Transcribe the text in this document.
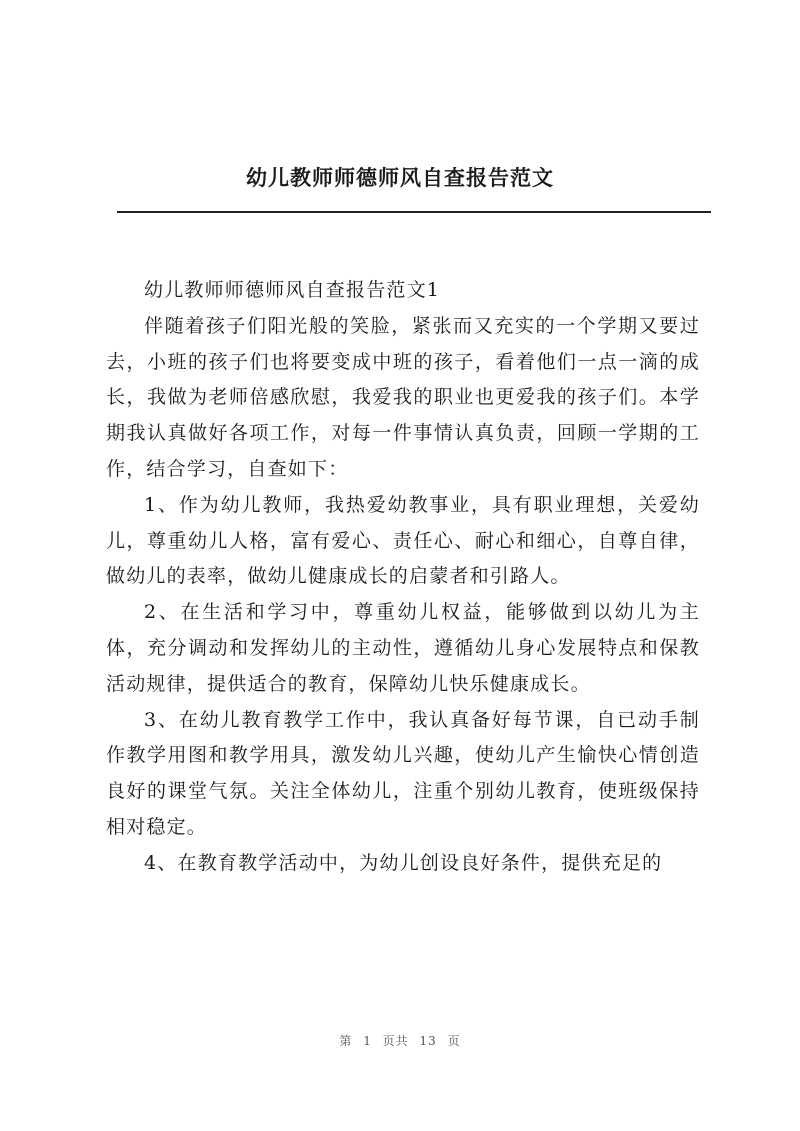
幼儿教师师德师风自查报告范文

幼儿教师师德师风自查报告范文1

伴随着孩子们阳光般的笑脸，紧张而又充实的一个学期又要过去，小班的孩子们也将要变成中班的孩子，看着他们一点一滴的成长，我做为老师倍感欣慰，我爱我的职业也更爱我的孩子们。本学期我认真做好各项工作，对每一件事情认真负责，回顾一学期的工作，结合学习，自查如下：

1、作为幼儿教师，我热爱幼教事业，具有职业理想，关爱幼儿，尊重幼儿人格，富有爱心、责任心、耐心和细心，自尊自律，做幼儿的表率，做幼儿健康成长的启蒙者和引路人。

2、在生活和学习中，尊重幼儿权益，能够做到以幼儿为主体，充分调动和发挥幼儿的主动性，遵循幼儿身心发展特点和保教活动规律，提供适合的教育，保障幼儿快乐健康成长。

3、在幼儿教育教学工作中，我认真备好每节课，自已动手制作教学用图和教学用具，激发幼儿兴趣，使幼儿产生愉快心情创造良好的课堂气氛。关注全体幼儿，注重个别幼儿教育，使班级保持相对稳定。

4、在教育教学活动中，为幼儿创设良好条件，提供充足的

第 1 页共 13 页
